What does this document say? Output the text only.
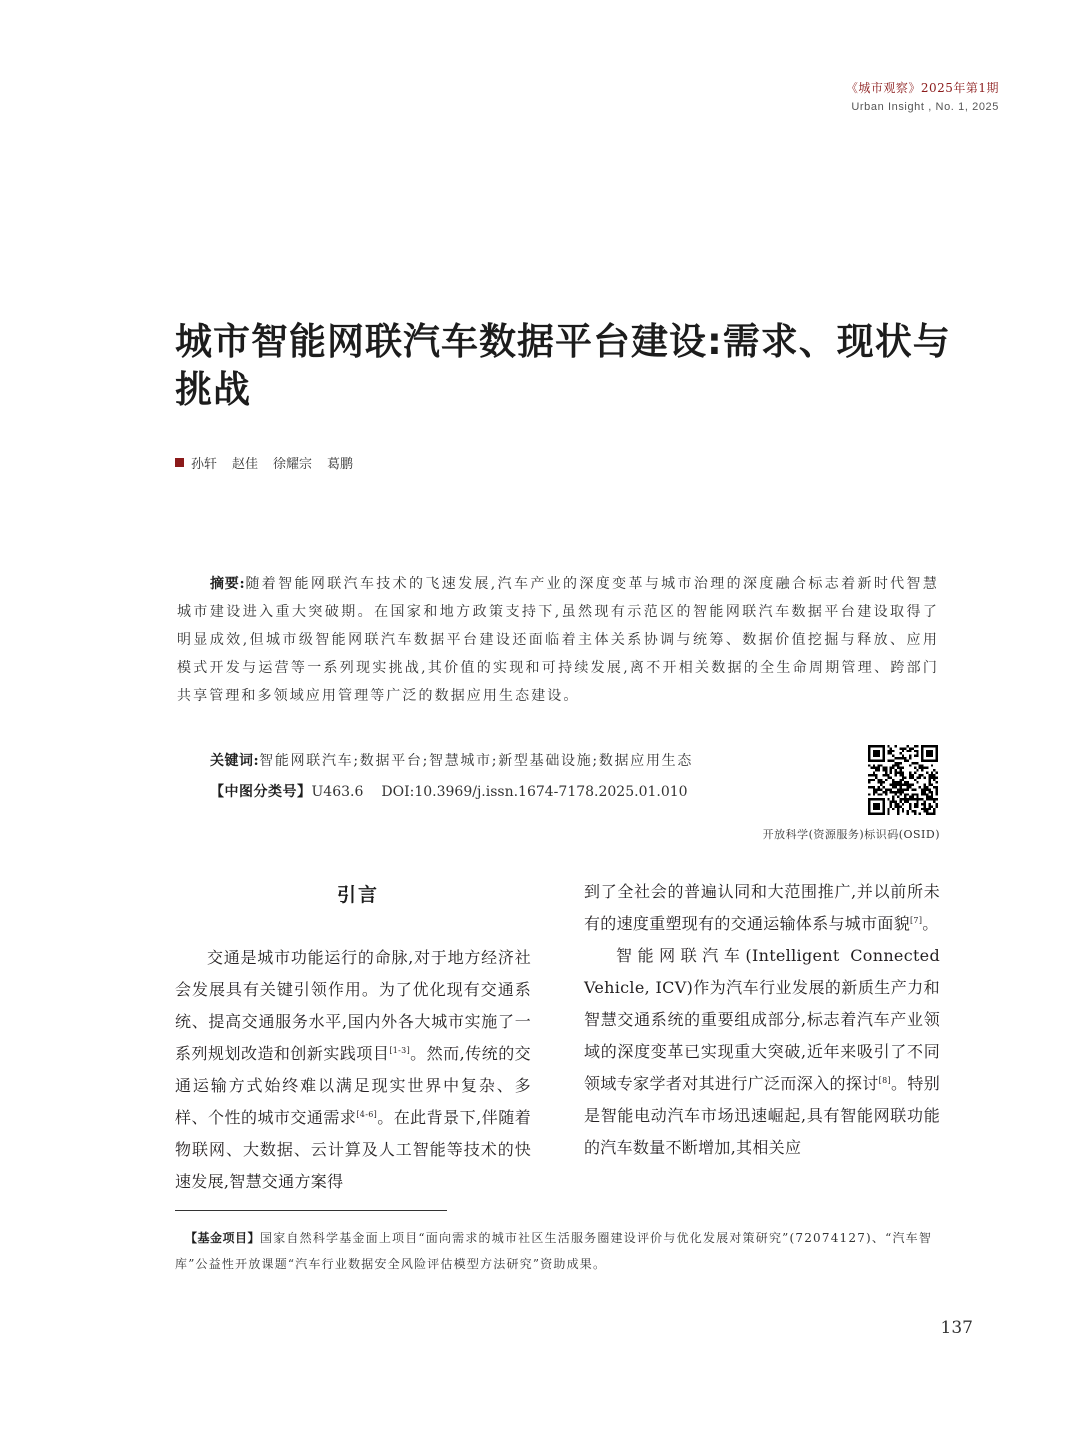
《城市观察》2025年第1期
Urban Insight , No. 1, 2025
城市智能网联汽车数据平台建设:需求、现状与挑战
孙轩 赵佳 徐耀宗 葛鹏
摘要:随着智能网联汽车技术的飞速发展,汽车产业的深度变革与城市治理的深度融合标志着新时代智慧城市建设进入重大突破期。在国家和地方政策支持下,虽然现有示范区的智能网联汽车数据平台建设取得了明显成效,但城市级智能网联汽车数据平台建设还面临着主体关系协调与统筹、数据价值挖掘与释放、应用模式开发与运营等一系列现实挑战,其价值的实现和可持续发展,离不开相关数据的全生命周期管理、跨部门共享管理和多领域应用管理等广泛的数据应用生态建设。
关键词:智能网联汽车;数据平台;智慧城市;新型基础设施;数据应用生态
【中图分类号】U463.6 DOI:10.3969/j.issn.1674-7178.2025.01.010
开放科学(资源服务)标识码(OSID)
引言

交通是城市功能运行的命脉,对于地方经济社会发展具有关键引领作用。为了优化现有交通系统、提高交通服务水平,国内外各大城市实施了一系列规划改造和创新实践项目[1-3]。然而,传统的交通运输方式始终难以满足现实世界中复杂、多样、个性的城市交通需求[4-6]。在此背景下,伴随着物联网、大数据、云计算及人工智能等技术的快速发展,智慧交通方案得

到了全社会的普遍认同和大范围推广,并以前所未有的速度重塑现有的交通运输体系与城市面貌[7]。

智能网联汽车(Intelligent Connected Vehicle, ICV)作为汽车行业发展的新质生产力和智慧交通系统的重要组成部分,标志着汽车产业领域的深度变革已实现重大突破,近年来吸引了不同领域专家学者对其进行广泛而深入的探讨[8]。特别是智能电动汽车市场迅速崛起,具有智能网联功能的汽车数量不断增加,其相关应

【基金项目】国家自然科学基金面上项目“面向需求的城市社区生活服务圈建设评价与优化发展对策研究”(72074127)、“汽车智库”公益性开放课题“汽车行业数据安全风险评估模型方法研究”资助成果。
137
